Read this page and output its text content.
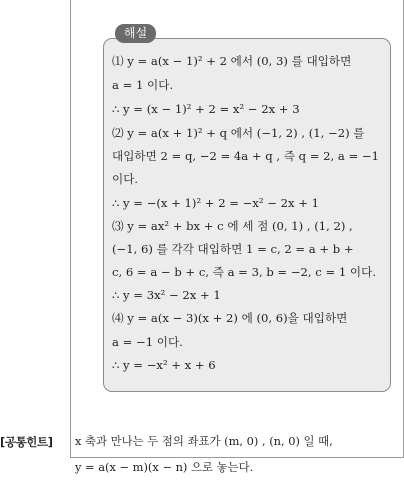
해설
⑴ y = a(x − 1)² + 2 에서 (0, 3) 를 대입하면
a = 1 이다.
∴ y = (x − 1)² + 2 = x² − 2x + 3
⑵ y = a(x + 1)² + q 에서 (−1, 2) , (1, −2) 를
대입하면 2 = q, −2 = 4a + q , 즉 q = 2, a = −1
이다.
∴ y = −(x + 1)² + 2 = −x² − 2x + 1
⑶ y = ax² + bx + c 에 세 점 (0, 1) , (1, 2) ,
(−1, 6) 를 각각 대입하면 1 = c, 2 = a + b +
c, 6 = a − b + c, 즉 a = 3, b = −2, c = 1 이다.
∴ y = 3x² − 2x + 1
⑷ y = a(x − 3)(x + 2) 에 (0, 6)을 대입하면
a = −1 이다.
∴ y = −x² + x + 6
[공통힌트] x 축과 만나는 두 점의 좌표가 (m, 0) , (n, 0) 일 때,
y = a(x − m)(x − n) 으로 놓는다.
